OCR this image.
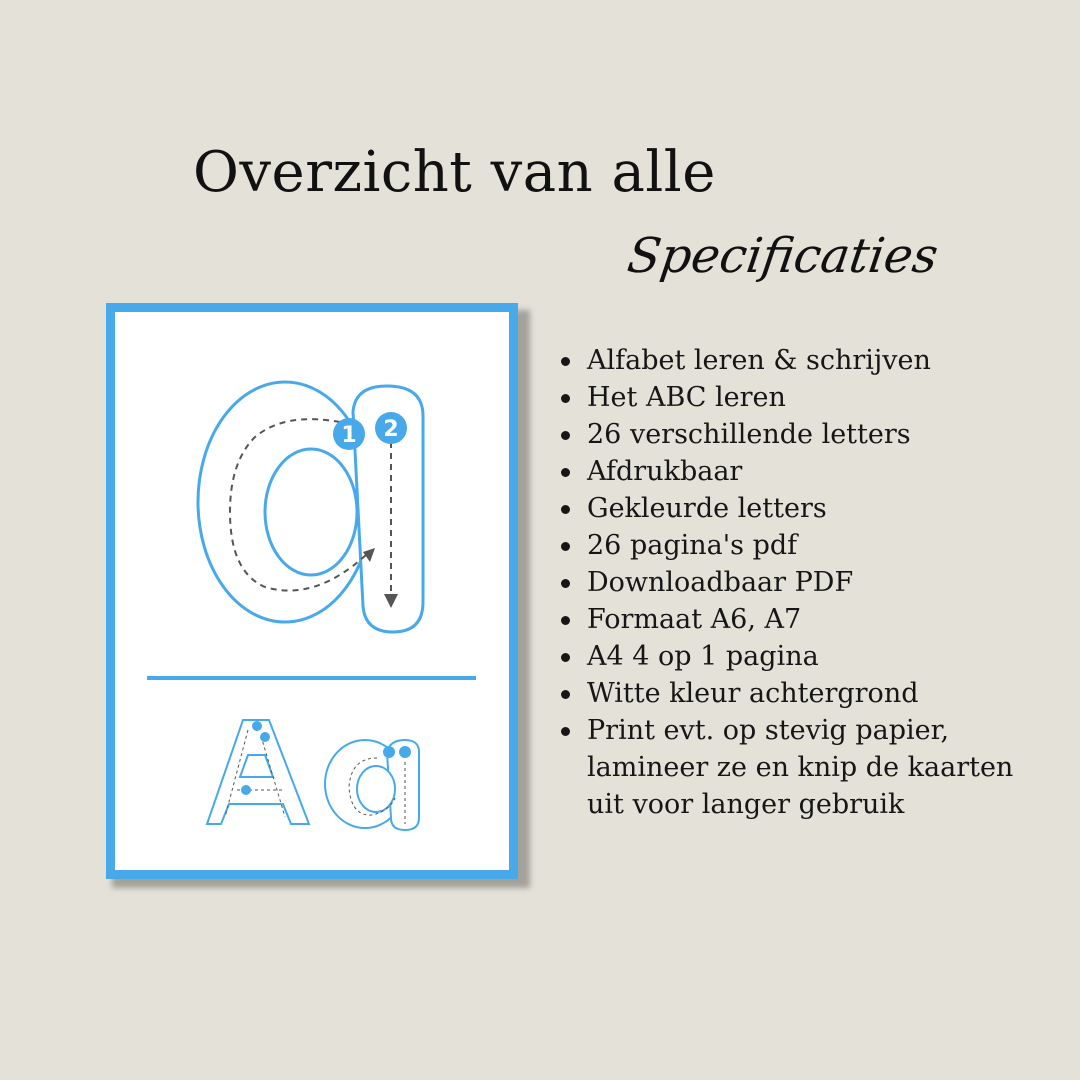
Overzicht van alle
Specificaties
1 2
Alfabet leren & schrijven
Het ABC leren
26 verschillende letters
Afdrukbaar
Gekleurde letters
26 pagina's pdf
Downloadbaar PDF
Formaat A6, A7
A4 4 op 1 pagina
Witte kleur achtergrond
Print evt. op stevig papier, lamineer ze en knip de kaarten uit voor langer gebruik
